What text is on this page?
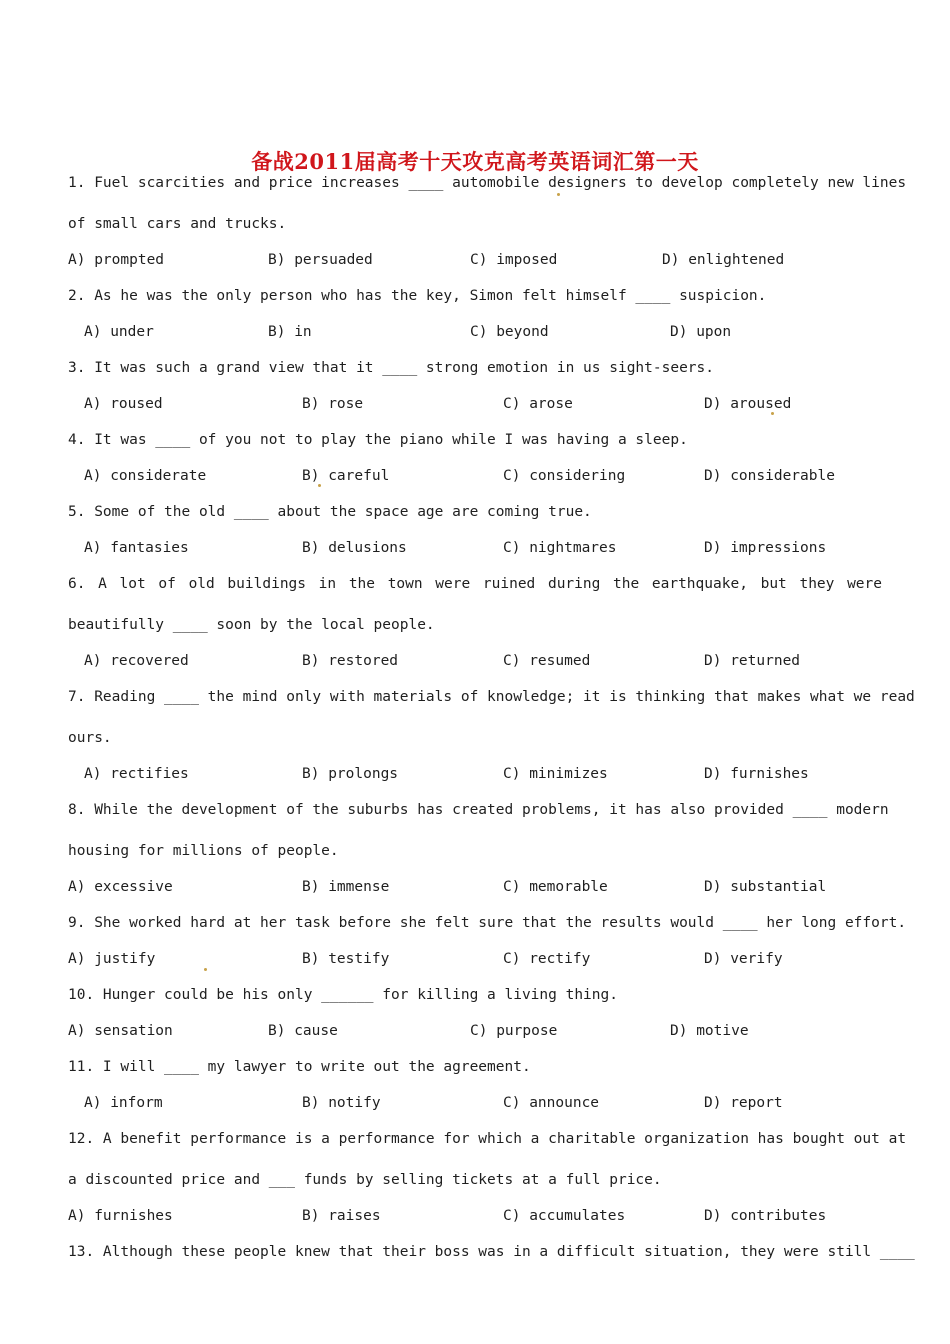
备战2011届高考十天攻克高考英语词汇第一天
1. Fuel scarcities and price increases ____ automobile designers to develop completely new lines
of small cars and trucks.
A) prompted	B) persuaded	C) imposed	D) enlightened
2. As he was the only person who has the key, Simon felt himself ____ suspicion.
A) under	B) in	C) beyond	D) upon
3. It was such a grand view that it ____ strong emotion in us sight-seers.
A) roused	B) rose	C) arose	D) aroused
4. It was ____ of you not to play the piano while I was having a sleep.
A) considerate	B) careful	C) considering	D) considerable
5. Some of the old ____ about the space age are coming true.
A) fantasies	B) delusions	C) nightmares	D) impressions
6. A lot of old buildings in the town were ruined during the earthquake, but they were
beautifully ____ soon by the local people.
A) recovered	B) restored	C) resumed	D) returned
7. Reading ____ the mind only with materials of knowledge; it is thinking that makes what we read
ours.
A) rectifies	B) prolongs	C) minimizes	D) furnishes
8. While the development of the suburbs has created problems, it has also provided ____ modern
housing for millions of people.
A) excessive	B) immense	C) memorable	D) substantial
9. She worked hard at her task before she felt sure that the results would ____ her long effort.
A) justify	B) testify	C) rectify	D) verify
10. Hunger could be his only ______ for killing a living thing.
A) sensation	B) cause	C) purpose	D) motive
11. I will ____ my lawyer to write out the agreement.
A) inform	B) notify	C) announce	D) report
12. A benefit performance is a performance for which a charitable organization has bought out at
a discounted price and ___ funds by selling tickets at a full price.
A) furnishes	B) raises	C) accumulates	D) contributes
13. Although these people knew that their boss was in a difficult situation, they were still ____
